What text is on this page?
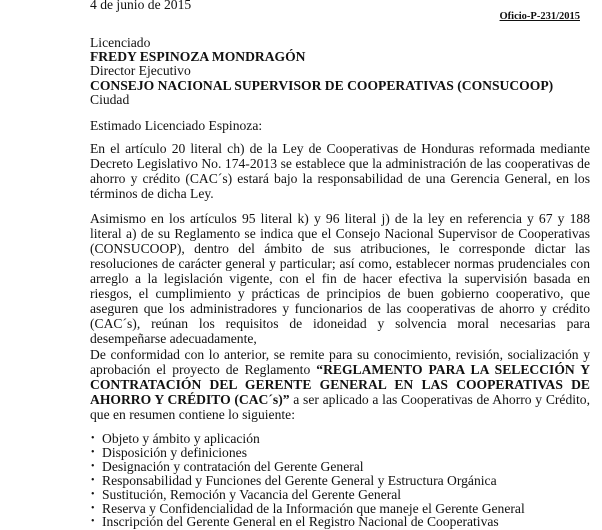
4 de junio de 2015
Oficio-P-231/2015
Licenciado
FREDY ESPINOZA MONDRAGÓN
Director Ejecutivo
CONSEJO NACIONAL SUPERVISOR DE COOPERATIVAS (CONSUCOOP)
Ciudad
Estimado Licenciado Espinoza:

En el artículo 20 literal ch) de la Ley de Cooperativas de Honduras reformada mediante Decreto Legislativo No. 174-2013 se establece que la administración de las cooperativas de ahorro y crédito (CAC´s) estará bajo la responsabilidad de una Gerencia General, en los términos de dicha Ley.

Asimismo en los artículos 95 literal k) y 96 literal j) de la ley en referencia y 67 y 188 literal a) de su Reglamento se indica que el Consejo Nacional Supervisor de Cooperativas (CONSUCOOP), dentro del ámbito de sus atribuciones, le corresponde dictar las resoluciones de carácter general y particular; así como, establecer normas prudenciales con arreglo a la legislación vigente, con el fin de hacer efectiva la supervisión basada en riesgos, el cumplimiento y prácticas de principios de buen gobierno cooperativo, que aseguren que los administradores y funcionarios de las cooperativas de ahorro y crédito (CAC´s), reúnan los requisitos de idoneidad y solvencia moral necesarias para desempeñarse adecuadamente,

De conformidad con lo anterior, se remite para su conocimiento, revisión, socialización y aprobación el proyecto de Reglamento “REGLAMENTO PARA LA SELECCIÓN Y CONTRATACIÓN DEL GERENTE GENERAL EN LAS COOPERATIVAS DE AHORRO Y CRÉDITO (CAC´s)” a ser aplicado a las Cooperativas de Ahorro y Crédito, que en resumen contiene lo siguiente:

• Objeto y ámbito y aplicación
• Disposición y definiciones
• Designación y contratación del Gerente General
• Responsabilidad y Funciones del Gerente General y Estructura Orgánica
• Sustitución, Remoción y Vacancia del Gerente General
• Reserva y Confidencialidad de la Información que maneje el Gerente General
• Inscripción del Gerente General en el Registro Nacional de Cooperativas
